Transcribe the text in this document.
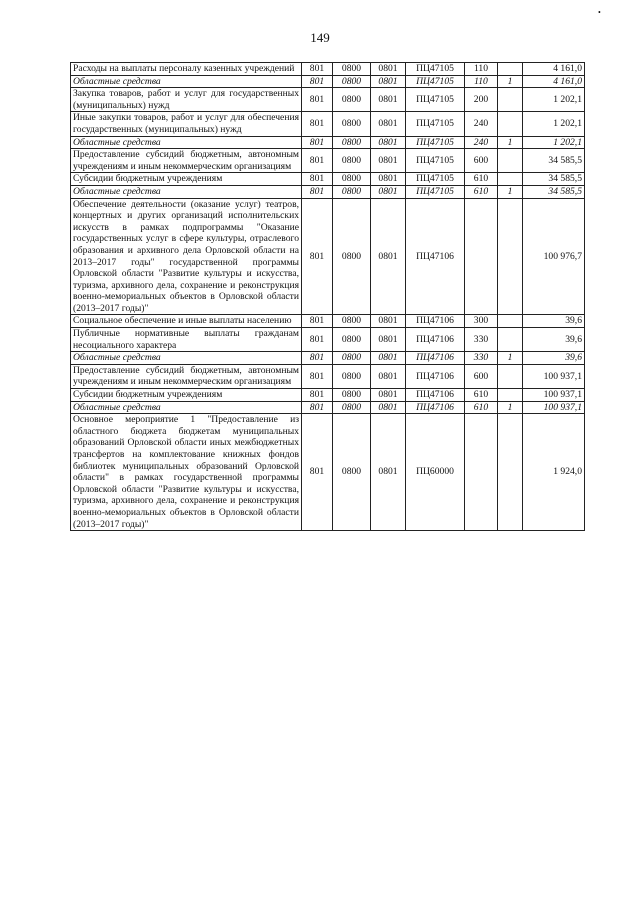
•
149
Расходы на выплаты персоналу казенных учреждений	801	0800	0801	ПЦ47105	110		4 161,0
Областные средства	801	0800	0801	ПЦ47105	110	1	4 161,0
Закупка товаров, работ и услуг для государственных (муниципальных) нужд	801	0800	0801	ПЦ47105	200		1 202,1
Иные закупки товаров, работ и услуг для обеспечения государственных (муниципальных) нужд	801	0800	0801	ПЦ47105	240		1 202,1
Областные средства	801	0800	0801	ПЦ47105	240	1	1 202,1
Предоставление субсидий бюджетным, автономным учреждениям и иным некоммерческим организациям	801	0800	0801	ПЦ47105	600		34 585,5
Субсидии бюджетным учреждениям	801	0800	0801	ПЦ47105	610		34 585,5
Областные средства	801	0800	0801	ПЦ47105	610	1	34 585,5
Обеспечение деятельности (оказание услуг) театров, концертных и других организаций исполнительских искусств в рамках подпрограммы "Оказание государственных услуг в сфере культуры, отраслевого образования и архивного дела Орловской области на 2013–2017 годы" государственной программы Орловской области "Развитие культуры и искусства, туризма, архивного дела, сохранение и реконструкция военно-мемориальных объектов в Орловской области (2013–2017 годы)"	801	0800	0801	ПЦ47106			100 976,7
Социальное обеспечение и иные выплаты населению	801	0800	0801	ПЦ47106	300		39,6
Публичные нормативные выплаты гражданам несоциального характера	801	0800	0801	ПЦ47106	330		39,6
Областные средства	801	0800	0801	ПЦ47106	330	1	39,6
Предоставление субсидий бюджетным, автономным учреждениям и иным некоммерческим организациям	801	0800	0801	ПЦ47106	600		100 937,1
Субсидии бюджетным учреждениям	801	0800	0801	ПЦ47106	610		100 937,1
Областные средства	801	0800	0801	ПЦ47106	610	1	100 937,1
Основное мероприятие 1 "Предоставление из областного бюджета бюджетам муниципальных образований Орловской области иных межбюджетных трансфертов на комплектование книжных фондов библиотек муниципальных образований Орловской области" в рамках государственной программы Орловской области "Развитие культуры и искусства, туризма, архивного дела, сохранение и реконструкция военно-мемориальных объектов в Орловской области (2013–2017 годы)"	801	0800	0801	ПЦ60000			1 924,0
